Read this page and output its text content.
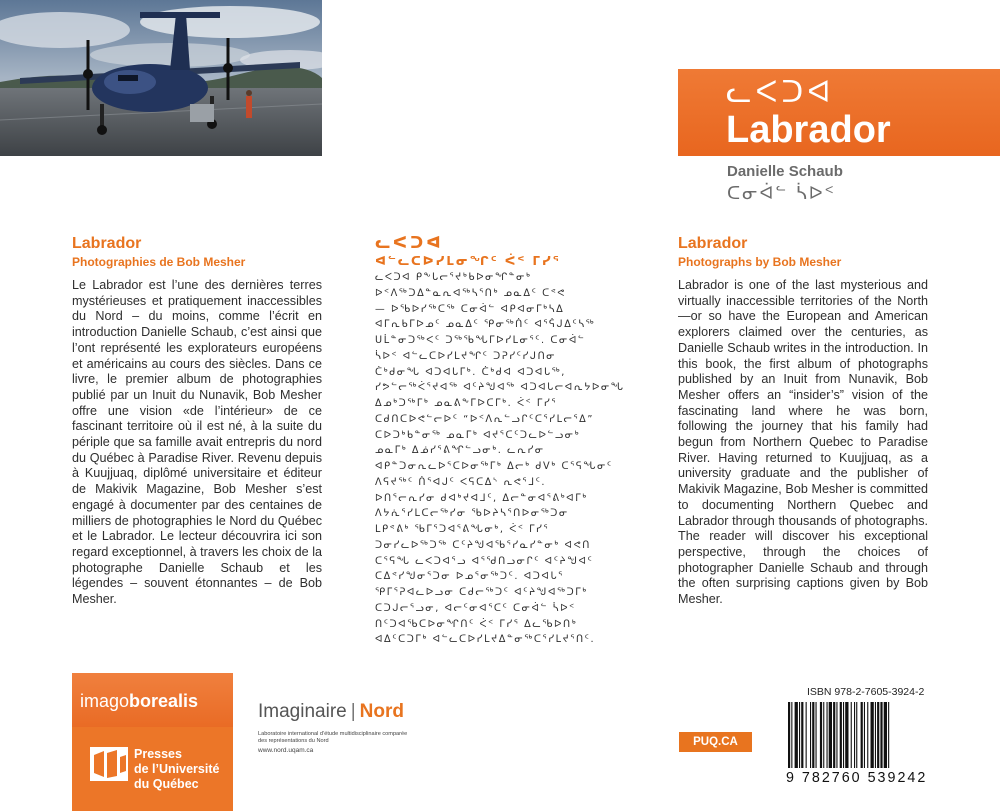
ᓚᐸᑐᐊ
Labrador
Danielle Schaub
ᑕᓂᐋᓪ ᓵᐅᑉ
Labrador
Photographies de Bob Mesher
Le Labrador est l’une des dernières terres mystérieuses et pratiquement inaccessibles du Nord – du moins, comme l’écrit en introduction Danielle Schaub, c’est ainsi que l’ont représenté les explorateurs européens et américains au cours des siècles. Dans ce livre, le premier album de photographies publié par un Inuit du Nunavik, Bob Mesher offre une vision «de l’intérieur» de ce fascinant territoire où il est né, à la suite du périple que sa famille avait entrepris du nord du Québec à Paradise River. Revenu depuis à Kuujjuaq, diplômé universitaire et éditeur de Makivik Magazine, Bob Mesher s’est engagé à documenter par des centaines de milliers de photographies le Nord du Québec et le Labrador. Le lecteur découvrira ici son regard exceptionnel, à travers les choix de la photographe Danielle Schaub et les légendes – souvent étonnantes – de Bob Mesher.
ᓚᐸᑐᐊ
ᐊᓪᓚᑕᐅᓯᒪᓂᖏᑦ ᐹᑉ ᒥᓯᕐ
ᓚᐸᑐᐊ ᑭᖕᒐᓕᕐᔪᒃᑲᐅᓂᖏᓐᓂᒃ
ᐅᑉᐱᖅᑐᐃᓐᓇᕆᐊᖅᓴᕐᑎᒃ ᓄᓇᐃᑦ ᑕᕝᕙ
— ᐅᖃᐅᓯᖅᑕᖅ ᑕᓂᐋᓪ ᐊᑭᐊᓂᒥᒃᓴᐃ
ᐊᒥᕆᑲᒥᐅᓄᑦ ᓄᓇᐃᑦ ᕿᓂᖅᑏᑦ ᐊᕐᕌᒍᐃᑦᓴᖅ
ᑌᒫᓐᓂᑐᖅᐸᑦ ᑐᖅᖃᖓᒥᐅᓯᒪᓂᕐᑦ. ᑕᓂᐋᓪ
ᓵᐅᑉ ᐊᓪᓚᑕᐅᓯᒪᔪᖏᑦ ᑐᕈᓯᑦᓯᒍᑎᓂ
ᑖᒃᑯᓂᖓ ᐊᑐᐊᒐᒥᒃ. ᑖᒃᑯᐊ ᐊᑐᐊᒐᖅ,
ᓯᕗᓪᓕᖅᐹᕐᔪᐊᖅ ᐊᑦᔨᖑᐊᖅ ᐊᑐᐊᒐᓕᐊᕆᔭᐅᓂᖓ
ᐃᓄᒃᑐᖅᒥᒃ ᓄᓇᕕᖕᒥᐅᑕᒥᒃ. ᐹᑉ ᒥᓯᕐ
ᑕᑯᑎᑕᐅᕙᓪᓕᐅᑦ “ᐅᑉᐱᕆᓪᓗᒋᑦᑕᕐᓯᒪᓕᕐᐃ”
ᑕᐅᑐᒃᑲᓐᓂᖅ ᓄᓇᒥᒃ ᐊᔪᕐᑕᑦᑐᓚᐅᓪᓗᓂᒃ
ᓄᓇᒥᒃ ᐃᓅᓯᕐᕕᖏᓪᓗᓂᒃ. ᓚᕆᓯᓂ
ᐊᑭᓐᑐᓂᕆᓚᐅᕐᑕᐅᓂᖅᒥᒃ ᐃᓕᒃ ᑯᐯᒃ ᑕᕐᕋᖓᓂᑦ
ᐱᕋᔪᖅᑦ ᑏᕐᐊᒍᑦ ᐸᕋᑕᐃᔅ ᕆᕙᕐᒧᑦ.
ᐅᑎᕐᓕᕆᓯᓂ ᑯᐊᒃᔪᐊᒧᑦ, ᐃᓕᓐᓂᐊᕐᕕᒃᐊᒥᒃ
ᐱᔭᕇᕐᓯᒪᑕᓕᖅᓯᓂ ᖃᐅᔨᓴᕐᑎᐅᓂᖅᑐᓂ
ᒪᑭᕝᕕᒃ ᖃᒥᕐᑐᐊᕐᕕᖓᓂᒃ, ᐹᑉ ᒥᓯᕐ
ᑐᓂᓯᓚᐅᖅᑐᖅ ᑕᑦᔨᖑᐊᖃᕐᓯᓇᓯᓐᓂᒃ ᐊᕙᑎ
ᑕᕐᕋᖓ ᓚᐸᑐᐊᕐᓗ ᐊᕐᖁᑎᓗᓂᒋᑦ ᐊᑦᔨᖑᐊᑦ
ᑕᐃᕝᓯᖑᓂᕐᑐᓂ ᐅᓄᕐᓂᖅᑐᑦ. ᐊᑐᐊᒐᕐ
ᕿᒥᕐᕈᐊᓚᐅᓗᓂ ᑕᑯᓕᖅᑐᑦ ᐊᑦᔨᖑᐊᖅᑐᒥᒃ
ᑕᑐᒍᓕᕐᓗᓂ, ᐊᓕᑦᓂᐊᕐᑕᑦ ᑕᓂᐋᓪ ᓵᐅᑉ
ᑎᑦᑐᐊᖃᑕᐅᓂᖏᑎᑦ ᐹᑉ ᒥᓯᕐ ᐃᓚᖃᐅᑎᒃ
ᐊᐃᑦᑕᑐᒥᒃ ᐊᓪᓚᑕᐅᓯᒪᔪᐃᓐᓂᖅᑕᕐᓯᒪᔪᕐᑎᑦ.
Labrador
Photographs by Bob Mesher
Labrador is one of the last mysterious and virtually inaccessible territories of the North—or so have the European and American explorers claimed over the centuries, as Danielle Schaub writes in the introduction. In this book, the first album of photographs published by an Inuit from Nunavik, Bob Mesher offers an “insider’s” vision of the fascinating land where he was born, following the journey that his family had begun from Northern Quebec to Paradise River. Having returned to Kuujjuaq, as a university graduate and the publisher of Makivik Magazine, Bob Mesher is committed to documenting Northern Quebec and Labrador through thousands of photographs. The reader will discover his exceptional perspective, through the choices of photographer Danielle Schaub and through the often surprising captions given by Bob Mesher.
imagoborealis
Presses
de l’Université
du Québec
Imaginaire | Nord
Laboratoire international d’étude multidisciplinaire comparée des représentations du Nord
www.nord.uqam.ca
PUQ.CA
ISBN 978-2-7605-3924-2
9 782760 539242
